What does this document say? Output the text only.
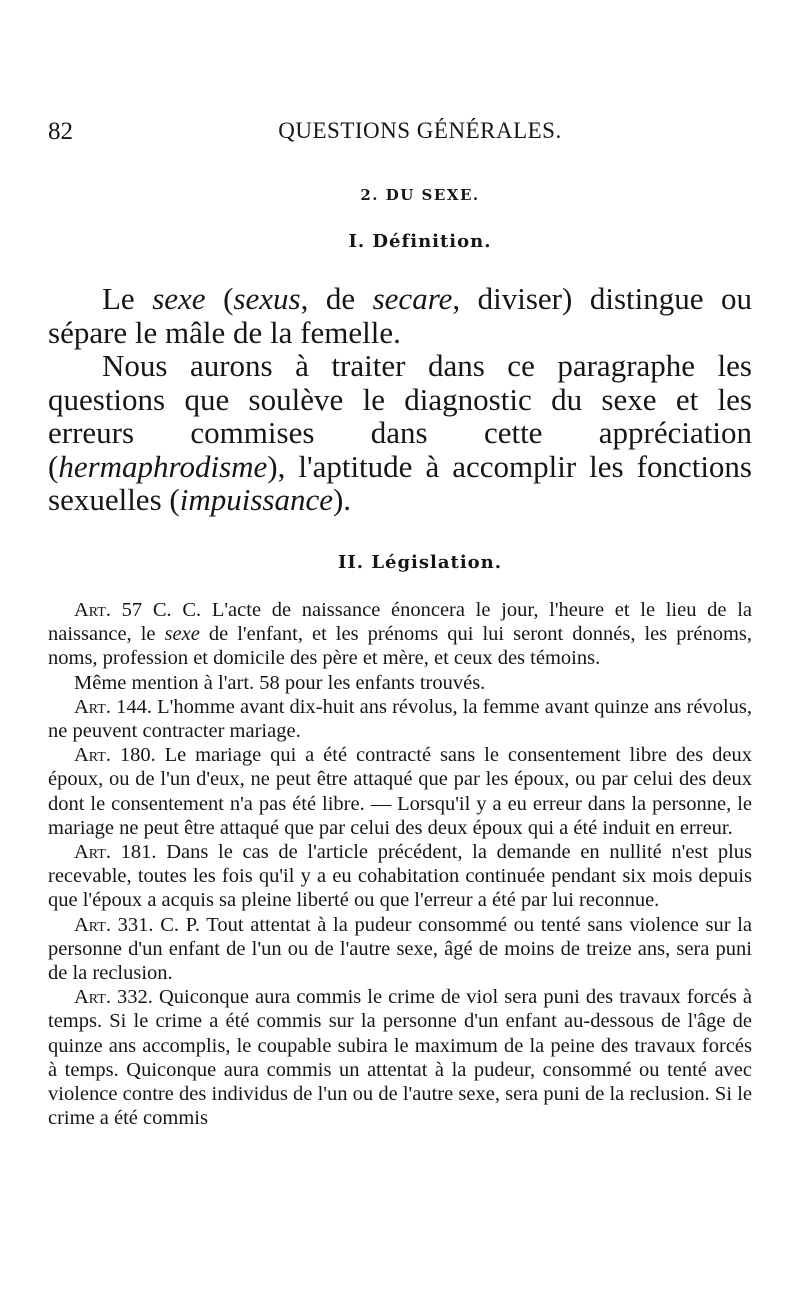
82	QUESTIONS GÉNÉRALES.
2. DU SEXE.
I. Définition.

Le sexe (sexus, de secare, diviser) distingue ou sépare le mâle de la femelle.

Nous aurons à traiter dans ce paragraphe les questions que soulève le diagnostic du sexe et les erreurs commises dans cette appréciation (hermaphrodisme), l'aptitude à accomplir les fonctions sexuelles (impuissance).

II. Législation.

Art. 57 C. C. L'acte de naissance énoncera le jour, l'heure et le lieu de la naissance, le sexe de l'enfant, et les prénoms qui lui seront donnés, les prénoms, noms, profession et domicile des père et mère, et ceux des témoins.

Même mention à l'art. 58 pour les enfants trouvés.

Art. 144. L'homme avant dix-huit ans révolus, la femme avant quinze ans révolus, ne peuvent contracter mariage.

Art. 180. Le mariage qui a été contracté sans le consentement libre des deux époux, ou de l'un d'eux, ne peut être attaqué que par les époux, ou par celui des deux dont le consentement n'a pas été libre. — Lorsqu'il y a eu erreur dans la personne, le mariage ne peut être attaqué que par celui des deux époux qui a été induit en erreur.

Art. 181. Dans le cas de l'article précédent, la demande en nullité n'est plus recevable, toutes les fois qu'il y a eu cohabitation continuée pendant six mois depuis que l'époux a acquis sa pleine liberté ou que l'erreur a été par lui reconnue.

Art. 331. C. P. Tout attentat à la pudeur consommé ou tenté sans violence sur la personne d'un enfant de l'un ou de l'autre sexe, âgé de moins de treize ans, sera puni de la reclusion.

Art. 332. Quiconque aura commis le crime de viol sera puni des travaux forcés à temps. Si le crime a été commis sur la personne d'un enfant au-dessous de l'âge de quinze ans accomplis, le coupable subira le maximum de la peine des travaux forcés à temps. Quiconque aura commis un attentat à la pudeur, consommé ou tenté avec violence contre des individus de l'un ou de l'autre sexe, sera puni de la reclusion. Si le crime a été commis
